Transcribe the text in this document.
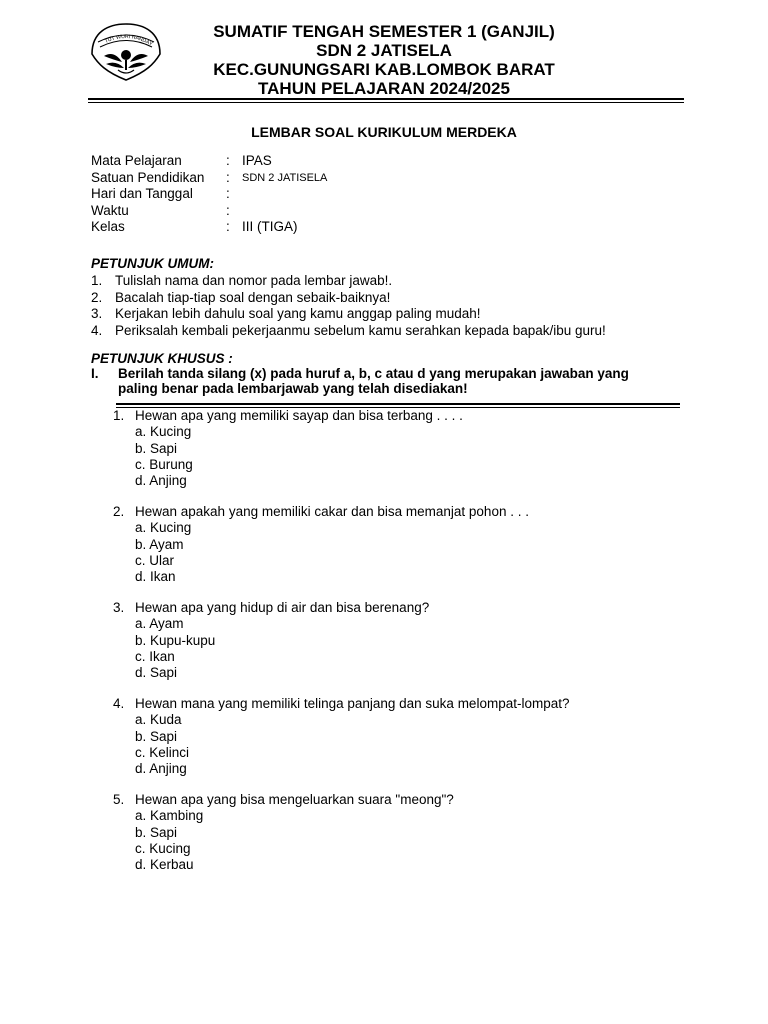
TUT WURI HANDAY
SUMATIF TENGAH SEMESTER 1 (GANJIL)
SDN 2 JATISELA
KEC.GUNUNGSARI KAB.LOMBOK BARAT
TAHUN PELAJARAN 2024/2025
LEMBAR SOAL KURIKULUM MERDEKA
Mata Pelajaran	: IPAS
Satuan Pendidikan : SDN 2 JATISELA
Hari dan Tanggal :
Waktu	:
Kelas	: III (TIGA)
PETUNJUK UMUM:
1. Tulislah nama dan nomor pada lembar jawab!.
2. Bacalah tiap-tiap soal dengan sebaik-baiknya!
3. Kerjakan lebih dahulu soal yang kamu anggap paling mudah!
4. Periksalah kembali pekerjaanmu sebelum kamu serahkan kepada bapak/ibu guru!
PETUNJUK KHUSUS :
I. Berilah tanda silang (x) pada huruf a, b, c atau d yang merupakan jawaban yang paling benar pada lembarjawab yang telah disediakan!
1. Hewan apa yang memiliki sayap dan bisa terbang . . . .
a. Kucing
b. Sapi
c. Burung
d. Anjing
2. Hewan apakah yang memiliki cakar dan bisa memanjat pohon . . .
a. Kucing
b. Ayam
c. Ular
d. Ikan
3. Hewan apa yang hidup di air dan bisa berenang?
a. Ayam
b. Kupu-kupu
c. Ikan
d. Sapi
4. Hewan mana yang memiliki telinga panjang dan suka melompat-lompat?
a. Kuda
b. Sapi
c. Kelinci
d. Anjing
5. Hewan apa yang bisa mengeluarkan suara "meong"?
a. Kambing
b. Sapi
c. Kucing
d. Kerbau
